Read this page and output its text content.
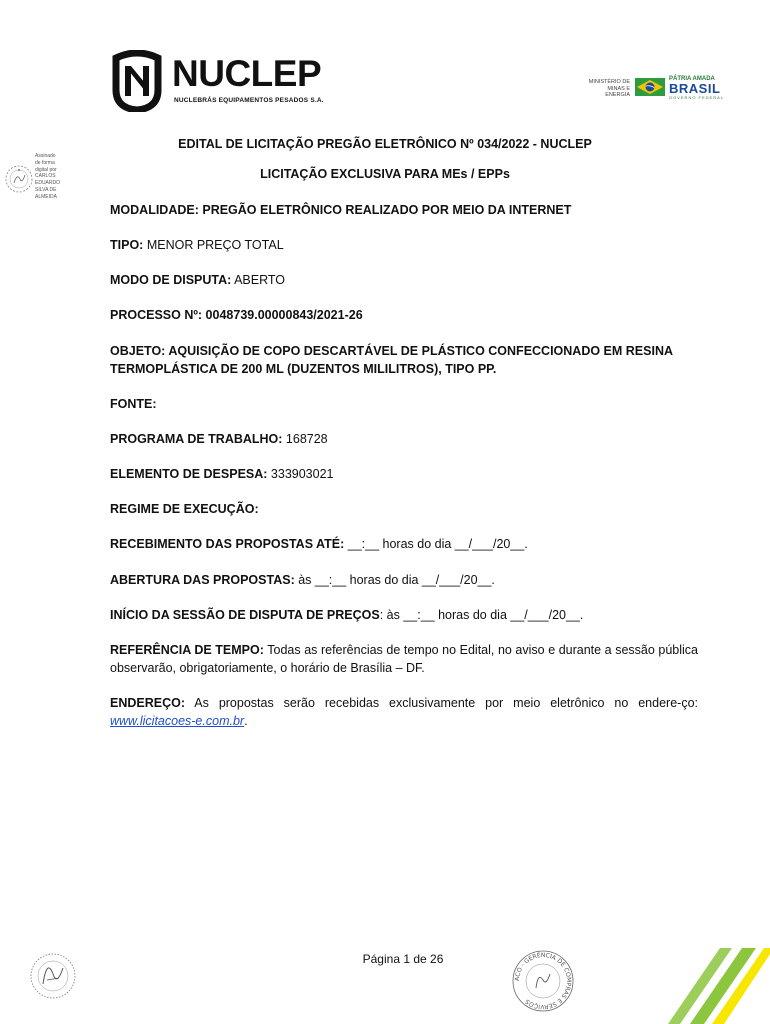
NUCLEP
NUCLEBRÁS EQUIPAMENTOS PESADOS S.A.
MINISTÉRIO DE
MINAS E ENERGIA
PÁTRIA AMADA
BRASIL
GOVERNO FEDERAL
Assinado
de forma
digital por
CARLOS
EDUARDO
SILVA DE
ALMEIDA
EDITAL DE LICITAÇÃO PREGÃO ELETRÔNICO Nº 034/2022 - NUCLEP
LICITAÇÃO EXCLUSIVA PARA MEs / EPPs
MODALIDADE: PREGÃO ELETRÔNICO REALIZADO POR MEIO DA INTERNET
TIPO: MENOR PREÇO TOTAL
MODO DE DISPUTA: ABERTO
PROCESSO Nº: 0048739.00000843/2021-26
OBJETO: AQUISIÇÃO DE COPO DESCARTÁVEL DE PLÁSTICO CONFECCIONADO EM RESINA TERMOPLÁSTICA DE 200 ML (DUZENTOS MILILITROS), TIPO PP.
FONTE:
PROGRAMA DE TRABALHO: 168728
ELEMENTO DE DESPESA: 333903021
REGIME DE EXECUÇÃO:
RECEBIMENTO DAS PROPOSTAS ATÉ: __:__ horas do dia __/___/20__.
ABERTURA DAS PROPOSTAS: às __:__ horas do dia __/___/20__.
INÍCIO DA SESSÃO DE DISPUTA DE PREÇOS: às __:__ horas do dia __/___/20__.
REFERÊNCIA DE TEMPO: Todas as referências de tempo no Edital, no aviso e durante a sessão pública observarão, obrigatoriamente, o horário de Brasília – DF.
ENDEREÇO: As propostas serão recebidas exclusivamente por meio eletrônico no endere-ço: www.licitacoes-e.com.br.
Página 1 de 26
ACO - GERÊNCIA DE COMPRAS E SERVIÇOS
